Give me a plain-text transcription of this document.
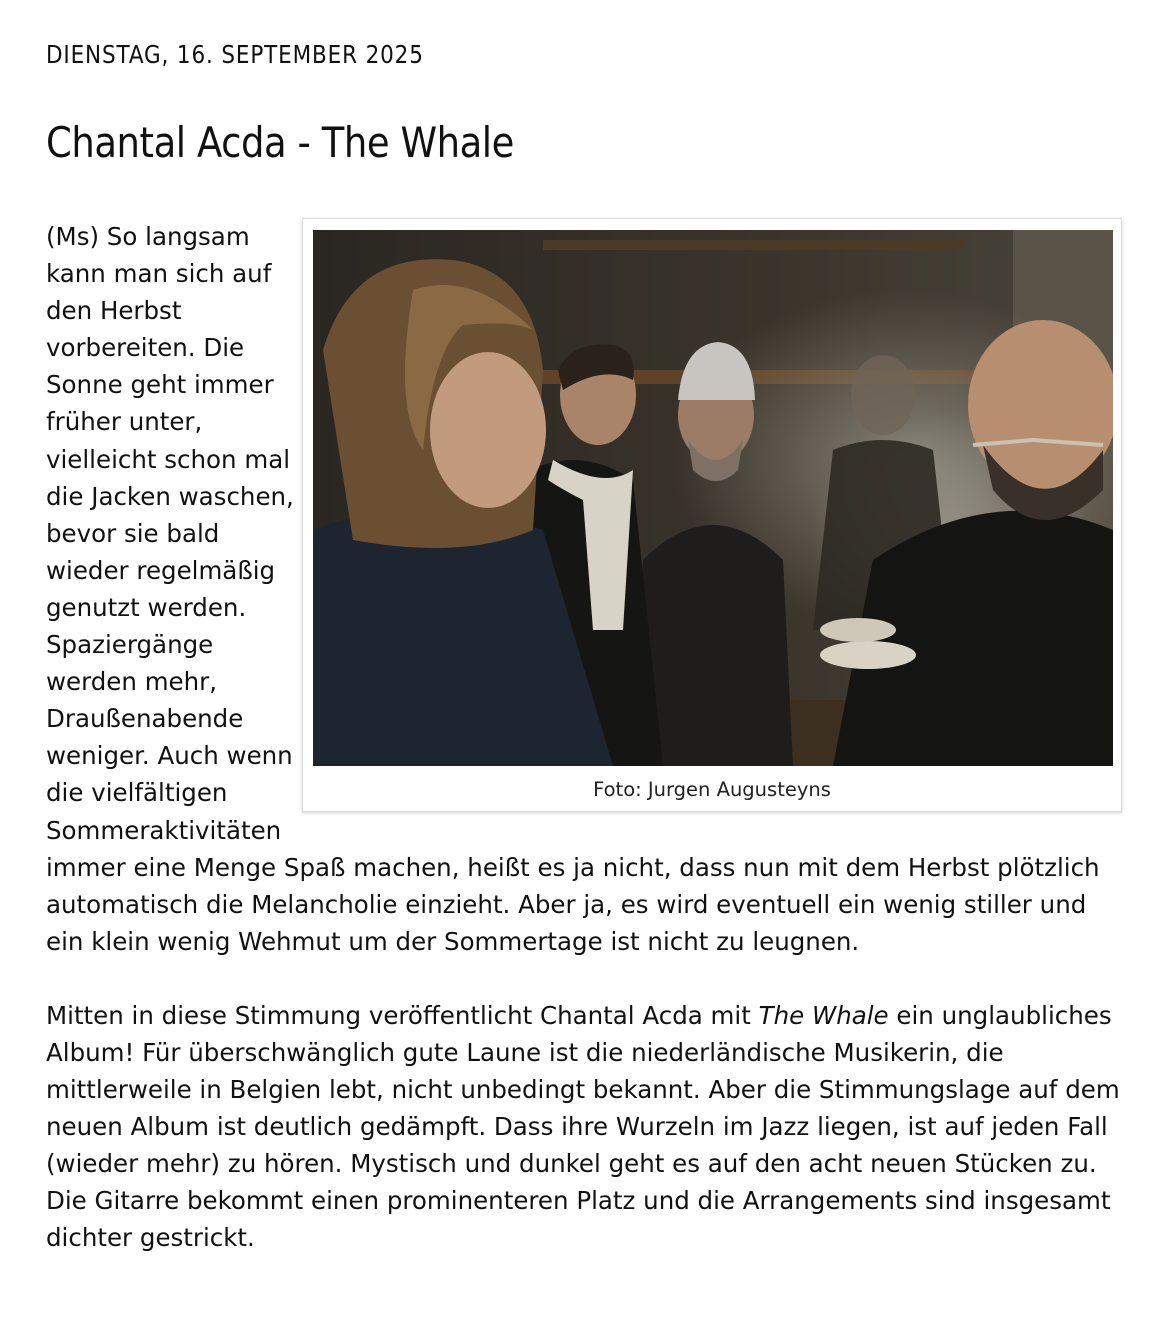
DIENSTAG, 16. SEPTEMBER 2025
Chantal Acda - The Whale
Foto: Jurgen Augusteyns

(Ms) So langsam kann man sich auf den Herbst vorbereiten. Die Sonne geht immer früher unter, vielleicht schon mal die Jacken waschen, bevor sie bald wieder regelmäßig genutzt werden. Spaziergänge werden mehr, Draußenabende weniger. Auch wenn die vielfältigen Sommeraktivitäten immer eine Menge Spaß machen, heißt es ja nicht, dass nun mit dem Herbst plötzlich automatisch die Melancholie einzieht. Aber ja, es wird eventuell ein wenig stiller und ein klein wenig Wehmut um der Sommertage ist nicht zu leugnen.

Mitten in diese Stimmung veröffentlicht Chantal Acda mit The Whale ein unglaubliches Album! Für überschwänglich gute Laune ist die niederländische Musikerin, die mittlerweile in Belgien lebt, nicht unbedingt bekannt. Aber die Stimmungslage auf dem neuen Album ist deutlich gedämpft. Dass ihre Wurzeln im Jazz liegen, ist auf jeden Fall (wieder mehr) zu hören. Mystisch und dunkel geht es auf den acht neuen Stücken zu. Die Gitarre bekommt einen prominenteren Platz und die Arrangements sind insgesamt dichter gestrickt.
